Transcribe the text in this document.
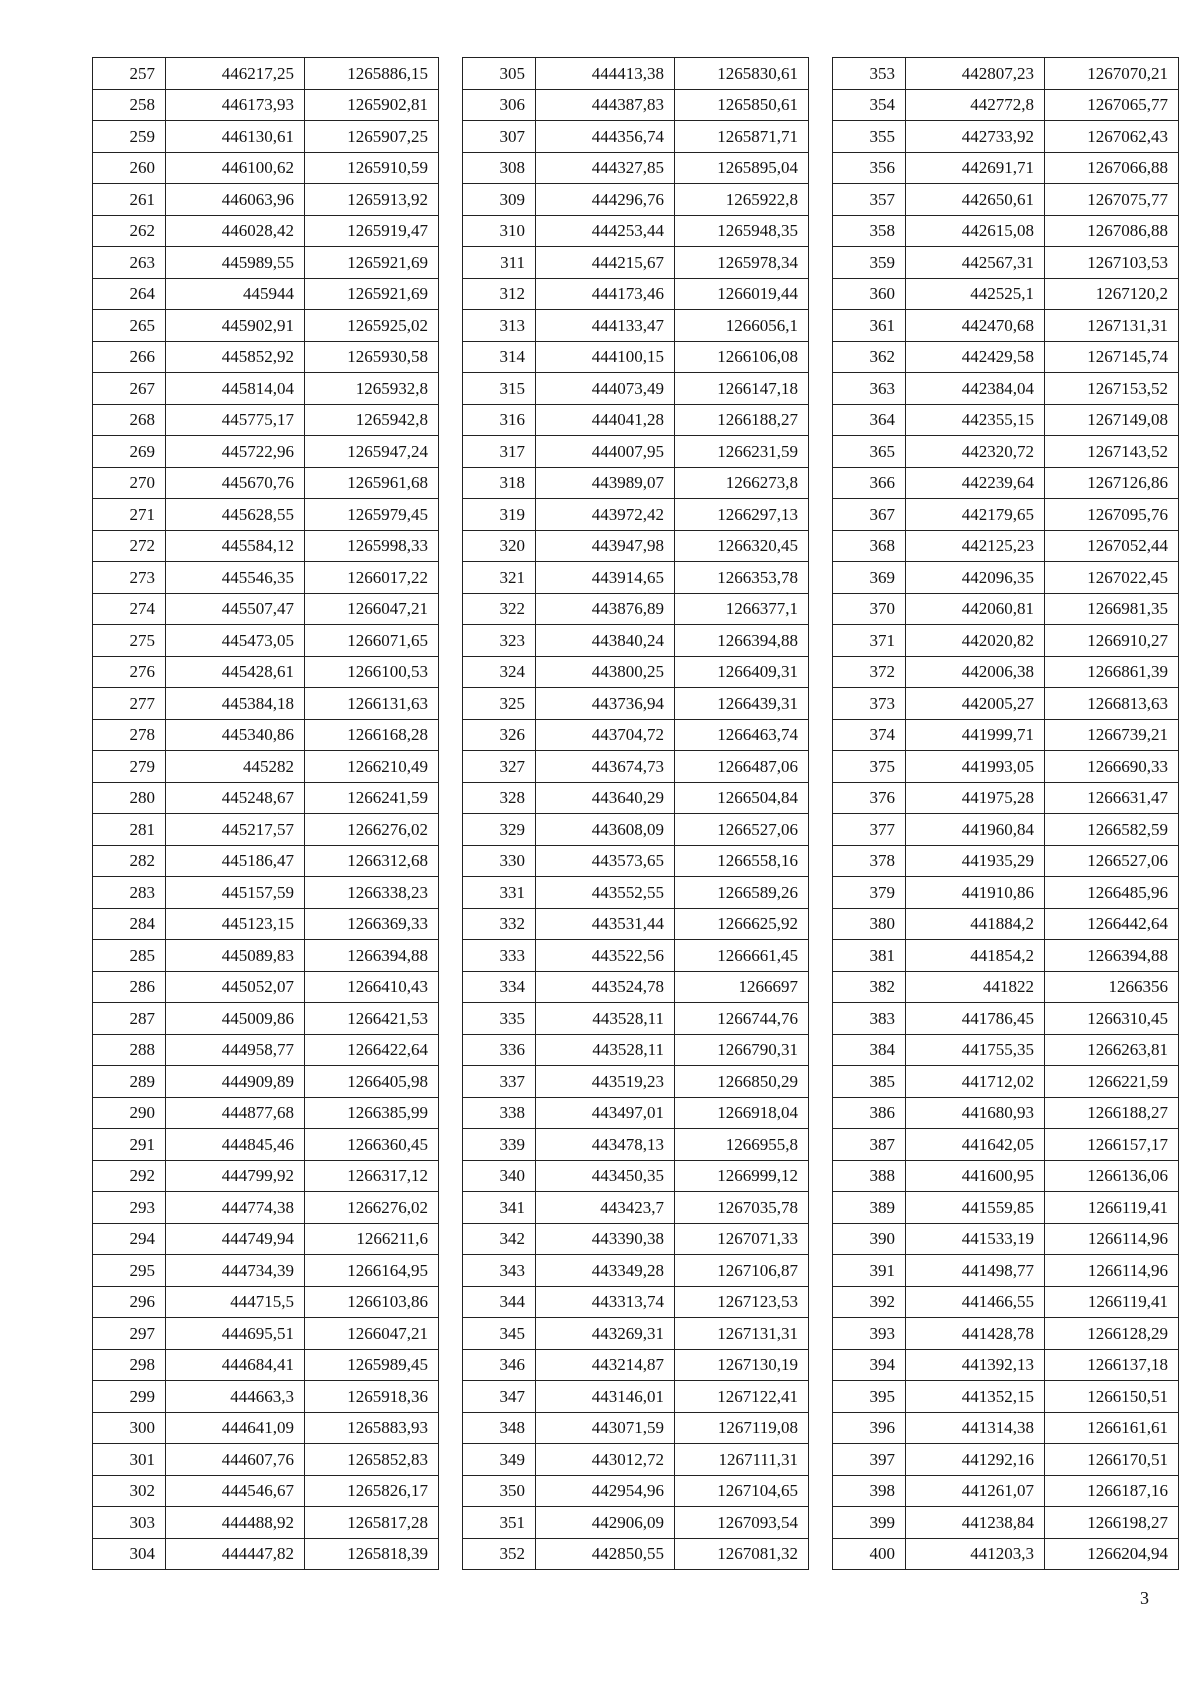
257	446217,25	1265886,15
258	446173,93	1265902,81
259	446130,61	1265907,25
260	446100,62	1265910,59
261	446063,96	1265913,92
262	446028,42	1265919,47
263	445989,55	1265921,69
264	445944	1265921,69
265	445902,91	1265925,02
266	445852,92	1265930,58
267	445814,04	1265932,8
268	445775,17	1265942,8
269	445722,96	1265947,24
270	445670,76	1265961,68
271	445628,55	1265979,45
272	445584,12	1265998,33
273	445546,35	1266017,22
274	445507,47	1266047,21
275	445473,05	1266071,65
276	445428,61	1266100,53
277	445384,18	1266131,63
278	445340,86	1266168,28
279	445282	1266210,49
280	445248,67	1266241,59
281	445217,57	1266276,02
282	445186,47	1266312,68
283	445157,59	1266338,23
284	445123,15	1266369,33
285	445089,83	1266394,88
286	445052,07	1266410,43
287	445009,86	1266421,53
288	444958,77	1266422,64
289	444909,89	1266405,98
290	444877,68	1266385,99
291	444845,46	1266360,45
292	444799,92	1266317,12
293	444774,38	1266276,02
294	444749,94	1266211,6
295	444734,39	1266164,95
296	444715,5	1266103,86
297	444695,51	1266047,21
298	444684,41	1265989,45
299	444663,3	1265918,36
300	444641,09	1265883,93
301	444607,76	1265852,83
302	444546,67	1265826,17
303	444488,92	1265817,28
304	444447,82	1265818,39
305	444413,38	1265830,61
306	444387,83	1265850,61
307	444356,74	1265871,71
308	444327,85	1265895,04
309	444296,76	1265922,8
310	444253,44	1265948,35
311	444215,67	1265978,34
312	444173,46	1266019,44
313	444133,47	1266056,1
314	444100,15	1266106,08
315	444073,49	1266147,18
316	444041,28	1266188,27
317	444007,95	1266231,59
318	443989,07	1266273,8
319	443972,42	1266297,13
320	443947,98	1266320,45
321	443914,65	1266353,78
322	443876,89	1266377,1
323	443840,24	1266394,88
324	443800,25	1266409,31
325	443736,94	1266439,31
326	443704,72	1266463,74
327	443674,73	1266487,06
328	443640,29	1266504,84
329	443608,09	1266527,06
330	443573,65	1266558,16
331	443552,55	1266589,26
332	443531,44	1266625,92
333	443522,56	1266661,45
334	443524,78	1266697
335	443528,11	1266744,76
336	443528,11	1266790,31
337	443519,23	1266850,29
338	443497,01	1266918,04
339	443478,13	1266955,8
340	443450,35	1266999,12
341	443423,7	1267035,78
342	443390,38	1267071,33
343	443349,28	1267106,87
344	443313,74	1267123,53
345	443269,31	1267131,31
346	443214,87	1267130,19
347	443146,01	1267122,41
348	443071,59	1267119,08
349	443012,72	1267111,31
350	442954,96	1267104,65
351	442906,09	1267093,54
352	442850,55	1267081,32
353	442807,23	1267070,21
354	442772,8	1267065,77
355	442733,92	1267062,43
356	442691,71	1267066,88
357	442650,61	1267075,77
358	442615,08	1267086,88
359	442567,31	1267103,53
360	442525,1	1267120,2
361	442470,68	1267131,31
362	442429,58	1267145,74
363	442384,04	1267153,52
364	442355,15	1267149,08
365	442320,72	1267143,52
366	442239,64	1267126,86
367	442179,65	1267095,76
368	442125,23	1267052,44
369	442096,35	1267022,45
370	442060,81	1266981,35
371	442020,82	1266910,27
372	442006,38	1266861,39
373	442005,27	1266813,63
374	441999,71	1266739,21
375	441993,05	1266690,33
376	441975,28	1266631,47
377	441960,84	1266582,59
378	441935,29	1266527,06
379	441910,86	1266485,96
380	441884,2	1266442,64
381	441854,2	1266394,88
382	441822	1266356
383	441786,45	1266310,45
384	441755,35	1266263,81
385	441712,02	1266221,59
386	441680,93	1266188,27
387	441642,05	1266157,17
388	441600,95	1266136,06
389	441559,85	1266119,41
390	441533,19	1266114,96
391	441498,77	1266114,96
392	441466,55	1266119,41
393	441428,78	1266128,29
394	441392,13	1266137,18
395	441352,15	1266150,51
396	441314,38	1266161,61
397	441292,16	1266170,51
398	441261,07	1266187,16
399	441238,84	1266198,27
400	441203,3	1266204,94
3
